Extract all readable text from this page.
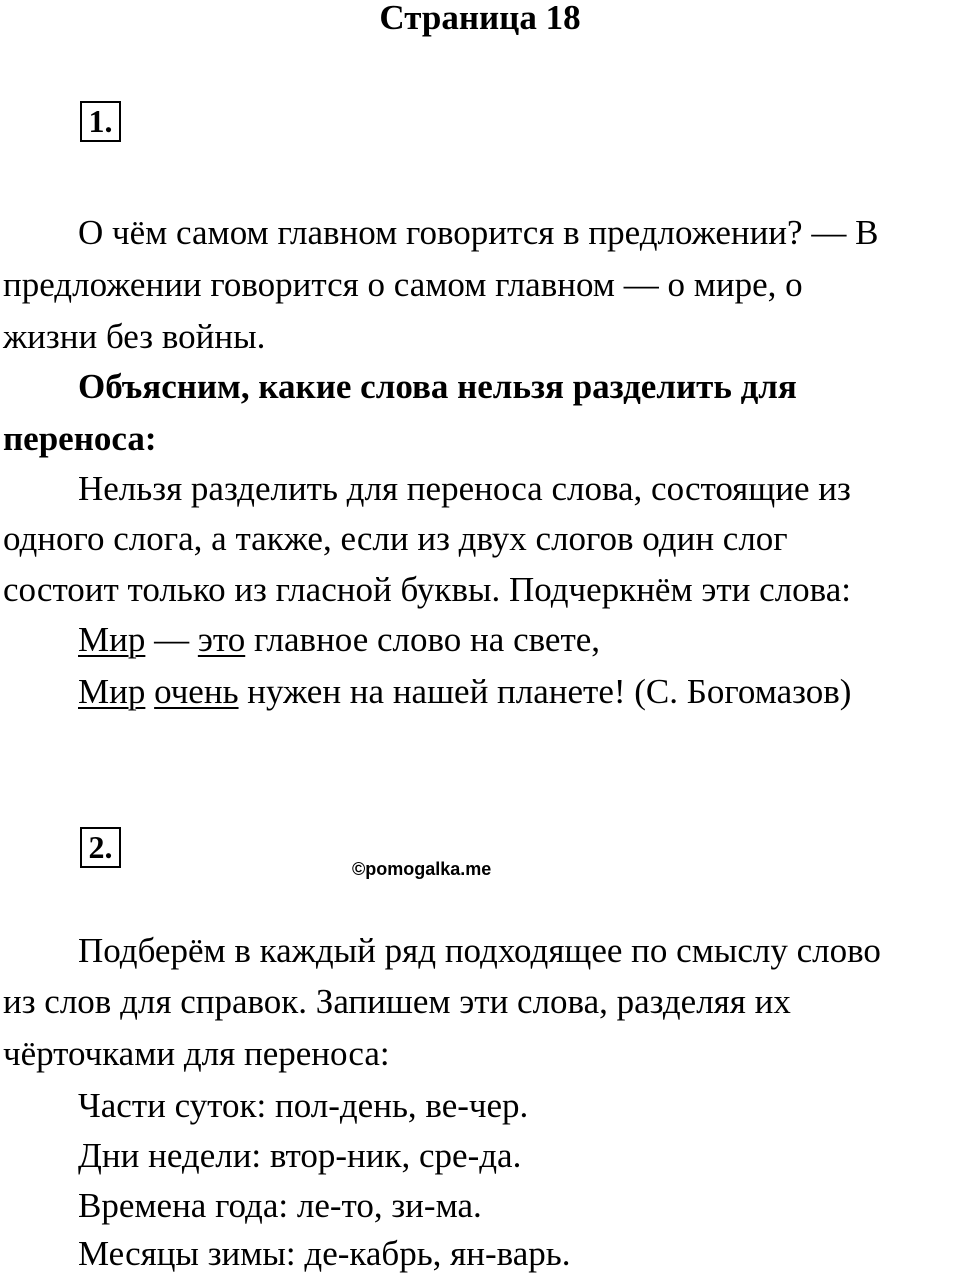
Страница 18
1.

О чём самом главном говорится в предложении? — В

предложении говорится о самом главном — о мире, о

жизни без войны.

Объясним, какие слова нельзя разделить для

переноса:

Нельзя разделить для переноса слова, состоящие из

одного слога, а также, если из двух слогов один слог

состоит только из гласной буквы. Подчеркнём эти слова:

Мир — это главное слово на свете,

Мир очень нужен на нашей планете! (С. Богомазов)

2.
©pomogalka.me

Подберём в каждый ряд подходящее по смыслу слово

из слов для справок. Запишем эти слова, разделяя их

чёрточками для переноса:

Части суток: пол-день, ве-чер.

Дни недели: втор-ник, сре-да.

Времена года: ле-то, зи-ма.

Месяцы зимы: де-кабрь, ян-варь.
